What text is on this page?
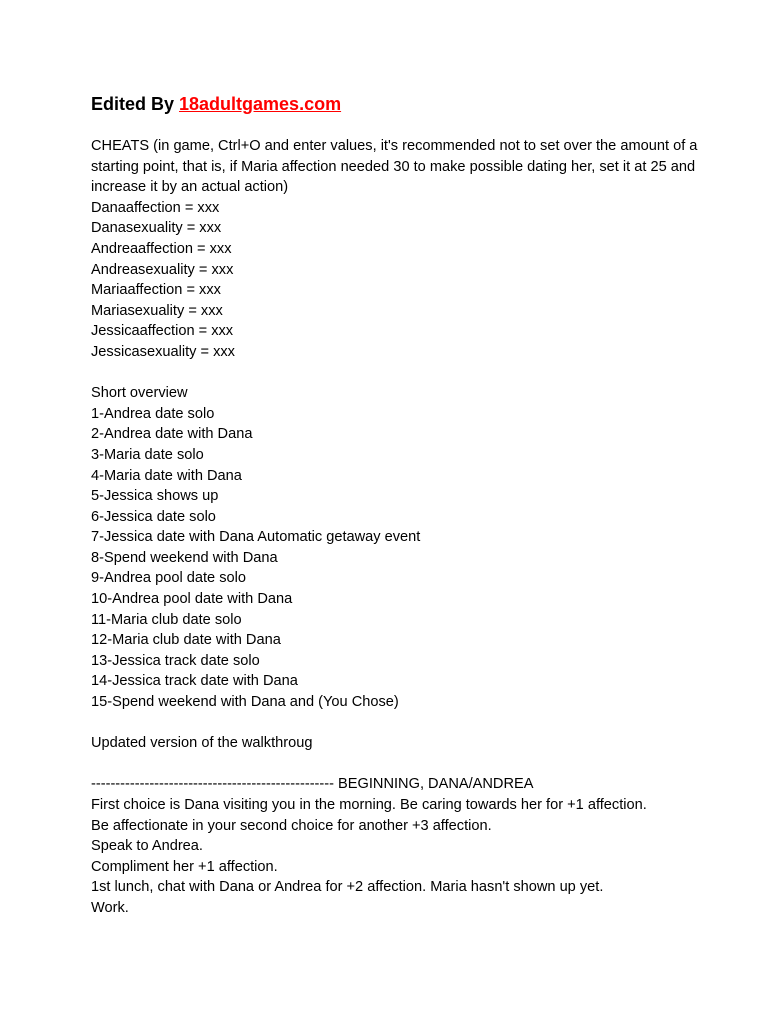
Edited By 18adultgames.com

CHEATS (in game, Ctrl+O and enter values, it's recommended not to set over the amount of a starting point, that is, if Maria affection needed 30 to make possible dating her, set it at 25 and increase it by an actual action)

Danaaffection = xxx
Danasexuality = xxx
Andreaaffection = xxx
Andreasexuality = xxx
Mariaaffection = xxx
Mariasexuality = xxx
Jessicaaffection = xxx
Jessicasexuality = xxx
Short overview
1-Andrea date solo
2-Andrea date with Dana
3-Maria date solo
4-Maria date with Dana
5-Jessica shows up
6-Jessica date solo
7-Jessica date with Dana Automatic getaway event
8-Spend weekend with Dana
9-Andrea pool date solo
10-Andrea pool date with Dana
11-Maria club date solo
12-Maria club date with Dana
13-Jessica track date solo
14-Jessica track date with Dana
15-Spend weekend with Dana and (You Chose)
Updated version of the walkthroug
-------------------------------------------------- BEGINNING, DANA/ANDREA
First choice is Dana visiting you in the morning. Be caring towards her for +1 affection.
Be affectionate in your second choice for another +3 affection.
Speak to Andrea.
Compliment her +1 affection.
1st lunch, chat with Dana or Andrea for +2 affection. Maria hasn't shown up yet.
Work.
